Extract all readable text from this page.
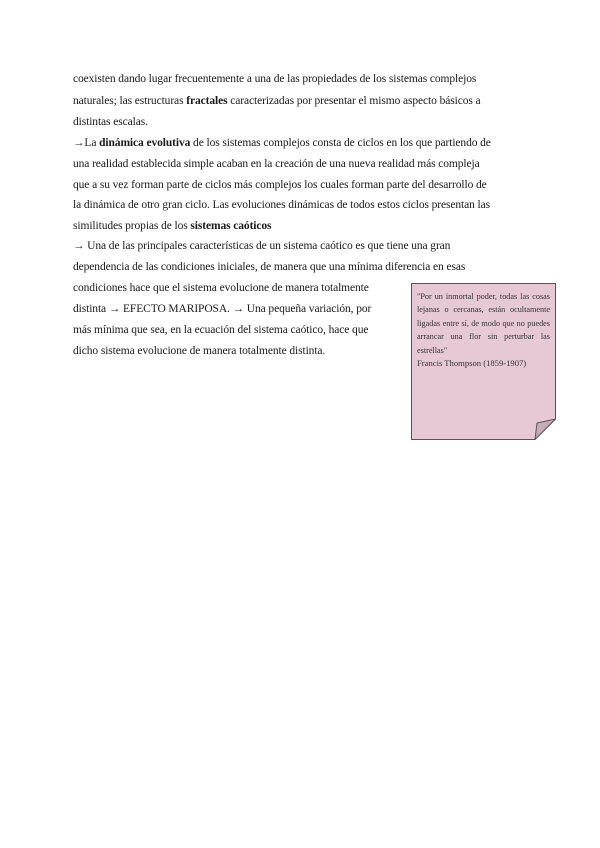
coexisten dando lugar frecuentemente a una de las propiedades de los sistemas complejos
naturales; las estructuras fractales caracterizadas por presentar el mismo aspecto básicos a
distintas escalas.
→La dinámica evolutiva de los sistemas complejos consta de ciclos en los que partiendo de
una realidad establecida simple acaban en la creación de una nueva realidad más compleja
que a su vez forman parte de ciclos más complejos los cuales forman parte del desarrollo de
la dinámica de otro gran ciclo. Las evoluciones dinámicas de todos estos ciclos presentan las
similitudes propias de los sistemas caóticos
→ Una de las principales características de un sistema caótico es que tiene una gran
dependencia de las condiciones iniciales, de manera que una mínima diferencia en esas
condiciones hace que el sistema evolucione de manera totalmente
distinta → EFECTO MARIPOSA. → Una pequeña variación, por
más mínima que sea, en la ecuación del sistema caótico, hace que
dicho sistema evolucione de manera totalmente distinta.
"Por un inmortal poder, todas las cosas lejanas o cercanas, están ocultamente ligadas entre sí, de modo que no puedes arrancar una flor sin perturbar las estrellas"
Francis Thompson (1859-1907)
